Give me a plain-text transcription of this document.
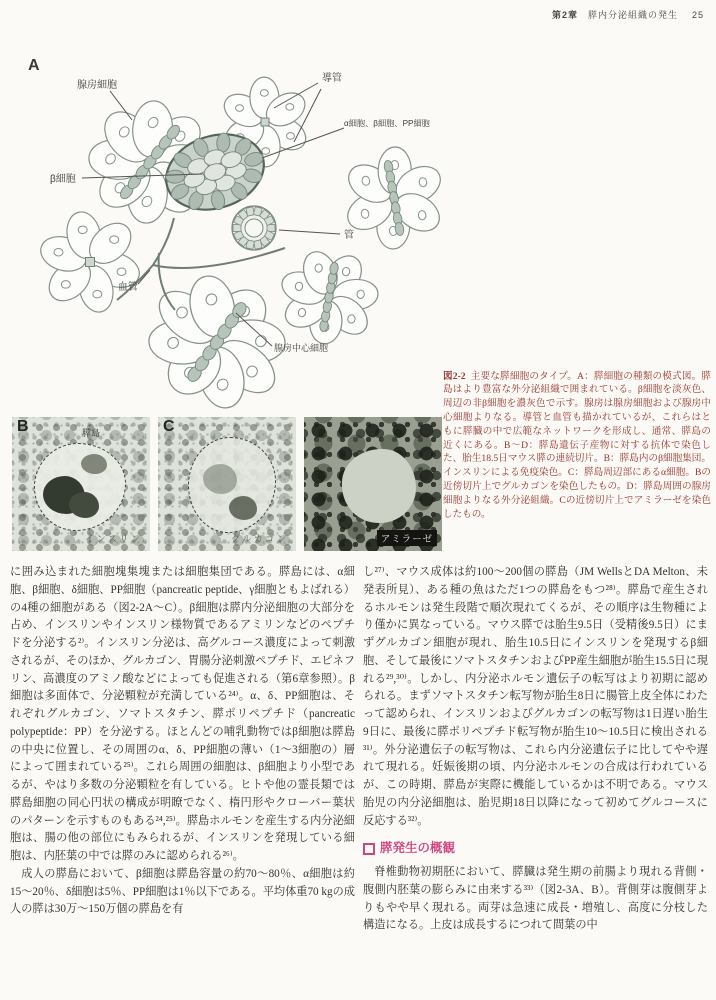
第2章 膵内分泌組織の発生 25
A
腺房細胞
導管
α細胞、β細胞、PP細胞
β細胞
管
血管
腺房中心細胞
B	膵島
インスリン
C
グルカゴン	アミラーゼ

図2-2 主要な膵細胞のタイプ。A：膵細胞の種類の模式図。膵島はより豊富な外分泌組織で囲まれている。β細胞を淡灰色、周辺の非β細胞を濃灰色で示す。腺房は腺房細胞および腺房中心細胞よりなる。導管と血管も描かれているが、これらはともに膵臓の中で広範なネットワークを形成し、通常、膵島の近くにある。B〜D：膵島遺伝子産物に対する抗体で染色した、胎生18.5日マウス膵の連続切片。B：膵島内のβ細胞集団。インスリンによる免疫染色。C：膵島周辺部にあるα細胞。Bの近傍切片上でグルカゴンを染色したもの。D：膵島周囲の腺房細胞よりなる外分泌組織。Cの近傍切片上でアミラーゼを染色したもの。

に囲み込まれた細胞塊集塊または細胞集団である。膵島には、α細胞、β細胞、δ細胞、PP細胞（pancreatic peptide、γ細胞ともよばれる）の4種の細胞がある（図2-2A〜C）。β細胞は膵内分泌細胞の大部分を占め、インスリンやインスリン様物質であるアミリンなどのペプチドを分泌する²⁾。インスリン分泌は、高グルコース濃度によって刺激されるが、そのほか、グルカゴン、胃腸分泌刺激ペプチド、エピネフリン、高濃度のアミノ酸などによっても促進される（第6章参照）。β細胞は多面体で、分泌顆粒が充満している²⁴⁾。α、δ、PP細胞は、それぞれグルカゴン、ソマトスタチン、膵ポリペプチド（pancreatic polypeptide：PP）を分泌する。ほとんどの哺乳動物ではβ細胞は膵島の中央に位置し、その周囲のα、δ、PP細胞の薄い（1〜3細胞の）層によって囲まれている²⁵⁾。これら周囲の細胞は、β細胞より小型であるが、やはり多数の分泌顆粒を有している。ヒトや他の霊長類では膵島細胞の同心円状の構成が明瞭でなく、楕円形やクローバー葉状のパターンを示すものもある²⁴,²⁵⁾。膵島ホルモンを産生する内分泌細胞は、腸の他の部位にもみられるが、インスリンを発現している細胞は、内胚葉の中では膵のみに認められる²⁶⁾。

成人の膵島において、β細胞は膵島容量の約70〜80％、α細胞は約15〜20％、δ細胞は5％、PP細胞は1％以下である。平均体重70 kgの成人の膵は30万〜150万個の膵島を有

し²⁷⁾、マウス成体は約100〜200個の膵島（JM WellsとDA Melton、未発表所見）、ある種の魚はただ1つの膵島をもつ²⁸⁾。膵島で産生されるホルモンは発生段階で順次現れてくるが、その順序は生物種により僅かに異なっている。マウス膵では胎生9.5日（受精後9.5日）にまずグルカゴン細胞が現れ、胎生10.5日にインスリンを発現するβ細胞、そして最後にソマトスタチンおよびPP産生細胞が胎生15.5日に現れる²⁹,³⁰⁾。しかし、内分泌ホルモン遺伝子の転写はより初期に認められる。まずソマトスタチン転写物が胎生8日に腸管上皮全体にわたって認められ、インスリンおよびグルカゴンの転写物は1日遅い胎生9日に、最後に膵ポリペプチド転写物が胎生10〜10.5日に検出される³¹⁾。外分泌遺伝子の転写物は、これら内分泌遺伝子に比してやや遅れて現れる。妊娠後期の頃、内分泌ホルモンの合成は行われているが、この時期、膵島が実際に機能しているかは不明である。マウス胎児の内分泌細胞は、胎児期18日以降になって初めてグルコースに反応する³²⁾。

膵発生の概観

脊椎動物初期胚において、膵臓は発生期の前腸より現れる背側・腹側内胚葉の膨らみに由来する³³⁾（図2-3A、B）。背側芽は腹側芽よりもやや早く現れる。両芽は急速に成長・増殖し、高度に分枝した構造になる。上皮は成長するにつれて間葉の中
